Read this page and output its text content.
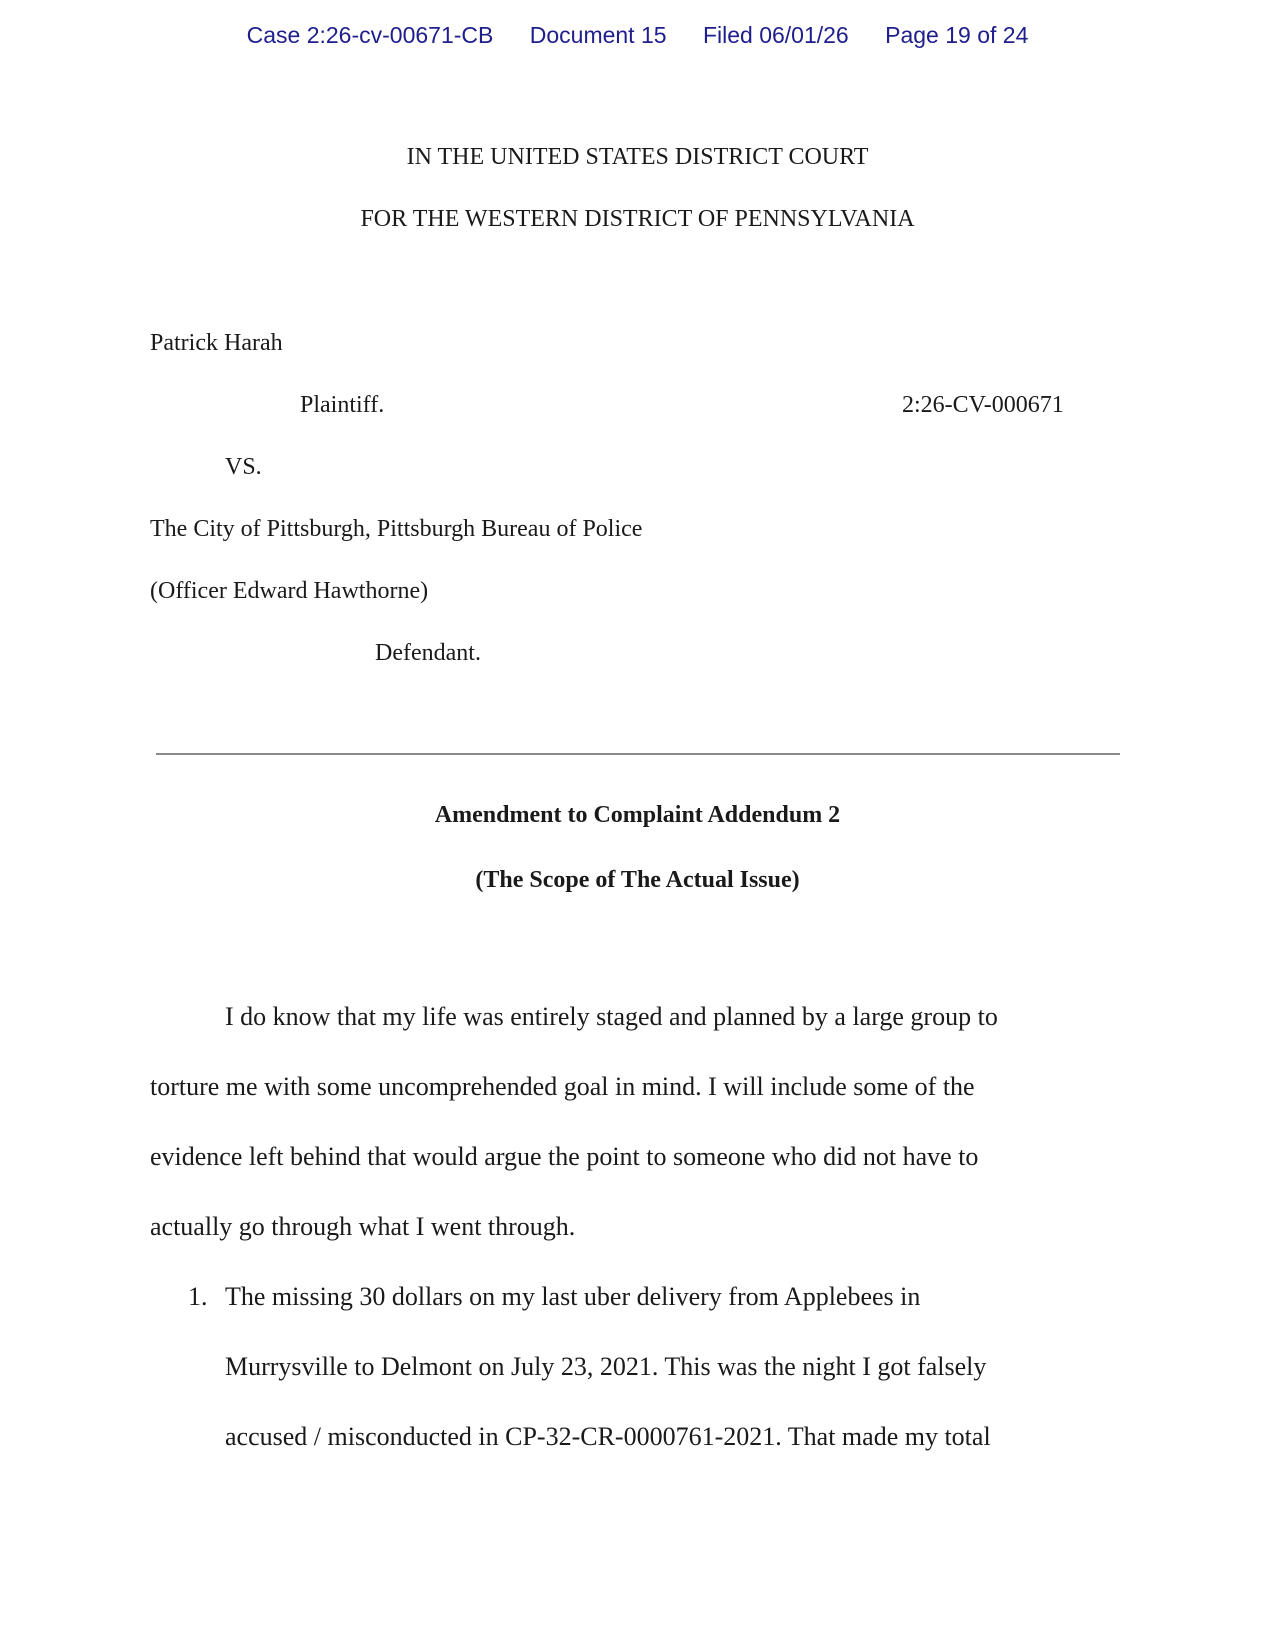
Case 2:26-cv-00671-CB Document 15 Filed 06/01/26 Page 19 of 24
IN THE UNITED STATES DISTRICT COURT
FOR THE WESTERN DISTRICT OF PENNSYLVANIA
Patrick Harah
Plaintiff.	2:26-CV-000671
VS.
The City of Pittsburgh, Pittsburgh Bureau of Police
(Officer Edward Hawthorne)
Defendant.
Amendment to Complaint Addendum 2
(The Scope of The Actual Issue)
I do know that my life was entirely staged and planned by a large group to
torture me with some uncomprehended goal in mind. I will include some of the
evidence left behind that would argue the point to someone who did not have to
actually go through what I went through.
1. The missing 30 dollars on my last uber delivery from Applebees in
Murrysville to Delmont on July 23, 2021. This was the night I got falsely
accused / misconducted in CP-32-CR-0000761-2021. That made my total
